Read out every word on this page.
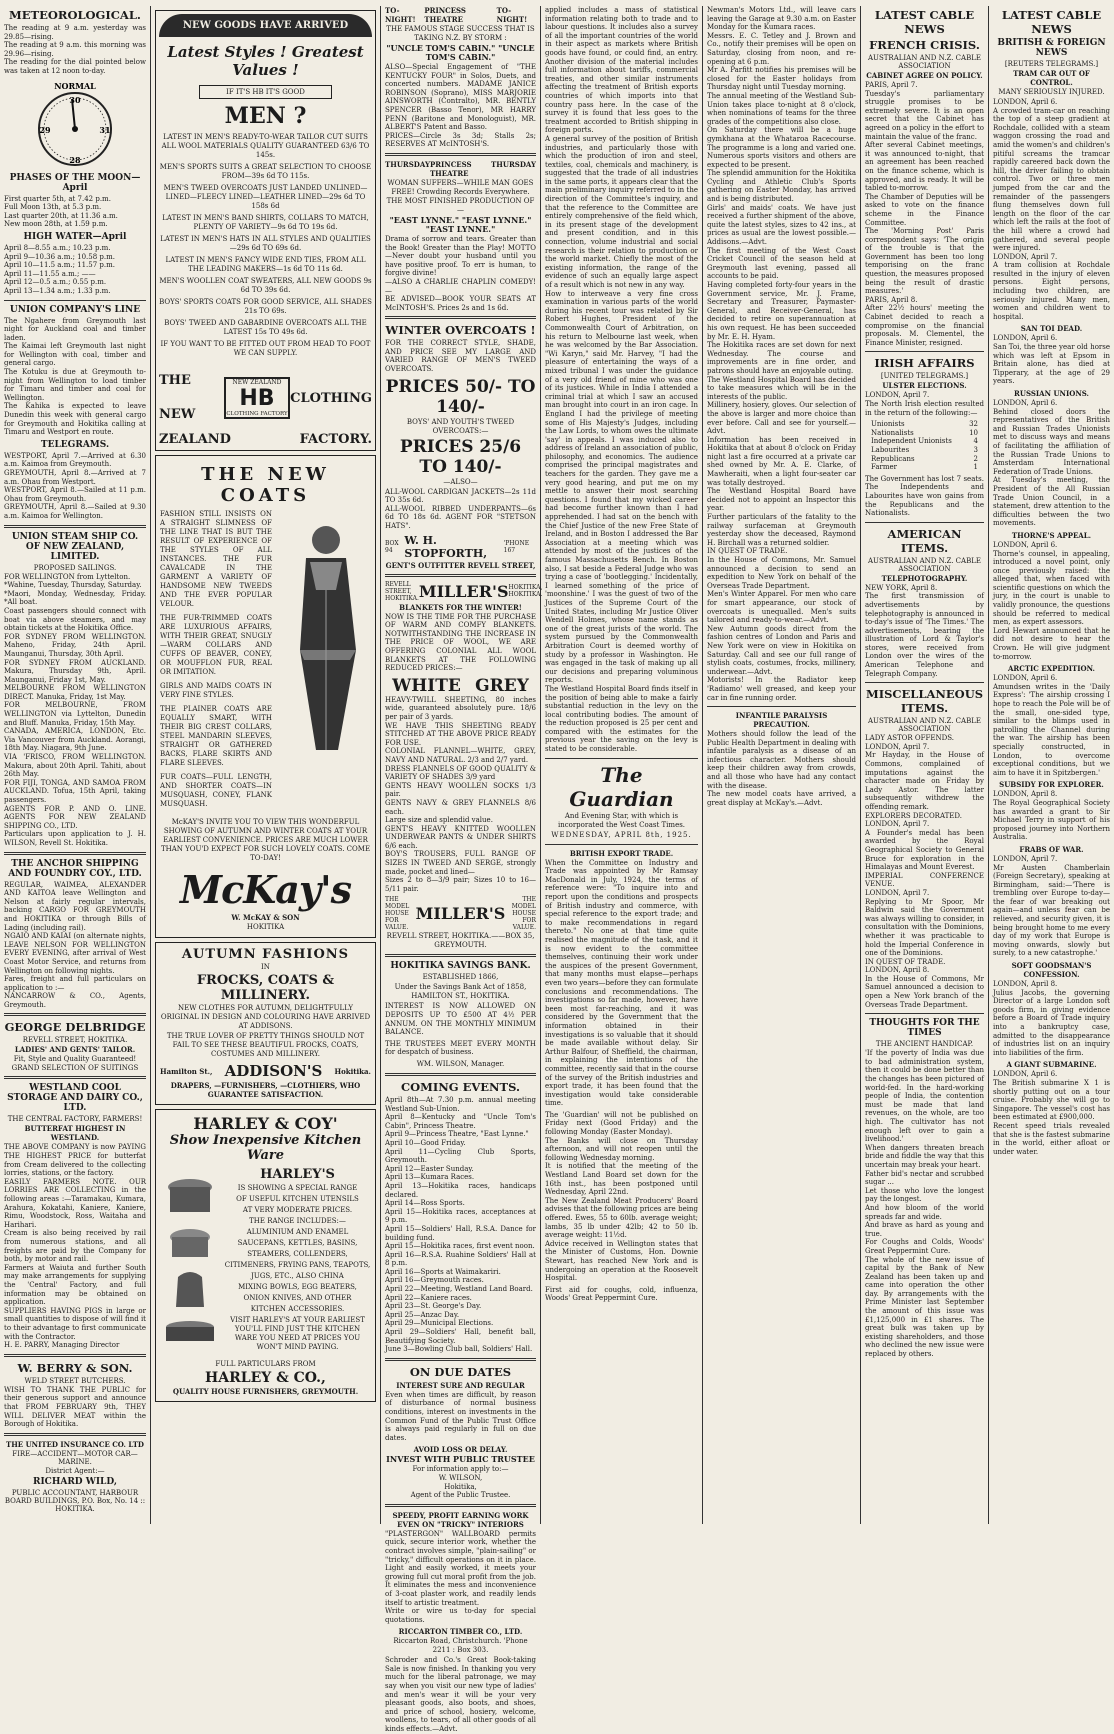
METEOROLOGICAL.

The reading at 9 a.m. yesterday was 29.85—rising.
The reading at 9 a.m. this morning was 29.96—rising.
The reading for the dial pointed below was taken at 12 noon to-day.

NORMAL
30
31
29
28
PHASES OF THE MOON—April

First quarter 5th, at 7.42 p.m.
Full Moon 13th, at 5.3 p.m.
Last quarter 20th, at 11.36 a.m.
New moon 28th, at 1.59 p.m.

HIGH WATER—April

April 8—8.55 a.m.; 10.23 p.m.
April 9—10.36 a.m.; 10.58 p.m.
April 10—11.5 a.m.; 11.57 p.m.
April 11—11.55 a.m.; ——
April 12—0.5 a.m.; 0.55 p.m.
April 13—1.34 a.m.; 1.33 p.m.

UNION COMPANY'S LINE

The Ngahere from Greymouth last night for Auckland coal and timber laden.
The Kaimai left Greymouth last night for Wellington with coal, timber and general cargo.
The Kotuku is due at Greymouth to-night from Wellington to load timber for Timaru and timber and coal for Wellington.
The Kahika is expected to leave Dunedin this week with general cargo for Greymouth and Hokitika calling at Timaru and Westport en route.

TELEGRAMS.

WESTPORT, April 7.—Arrived at 6.30 a.m. Kaimoa from Greymouth.
GREYMOUTH, April 8.—Arrived at 7 a.m. Ohau from Westport.
WESTPORT, April 8.—Sailed at 11 p.m. Ohau from Greymouth.
GREYMOUTH, April 8.—Sailed at 9.30 a.m. Kaimoa for Wellington.

UNION STEAM SHIP CO. OF NEW ZEALAND, LIMITED.
PROPOSED SAILINGS.

FOR WELLINGTON from Lyttelton.
*Wahine, Tuesday, Thursday, Saturday.
*Maori, Monday, Wednesday, Friday. *All boat.
Coast passengers should connect with boat via above steamers, and may obtain tickets at the Hokitika Office.
FOR SYDNEY FROM WELLINGTON. Maheno, Friday, 24th April. Maunganui, Thursday, 30th April.
FOR SYDNEY FROM AUCKLAND. Makura, Thursday 9th, April. Maunganui, Friday 1st, May.
MELBOURNE FROM WELLINGTON DIRECT. Manuka, Friday, 1st May.
FOR MELBOURNE, FROM WELLINGTON via Lyttelton, Dunedin and Bluff. Manuka, Friday, 15th May.
CANADA, AMERICA, LONDON, Etc. Via Vancouver from Auckland. Aorangi, 18th May. Niagara, 9th June.
VIA 'FRISCO, FROM WELLINGTON. Makura, about 20th April. Tahiti, about 26th May.
FOR FIJI, TONGA, AND SAMOA FROM AUCKLAND. Tofua, 15th April, taking passengers.
AGENTS FOR P. AND O. LINE. AGENTS FOR NEW ZEALAND SHIPPING CO., LTD.
Particulars upon application to J. H. WILSON, Revell St. Hokitika.

THE ANCHOR SHIPPING AND FOUNDRY COY., LTD.

REGULAR, WAIMEA, ALEXANDER AND KAITOA leave Wellington and Nelson at fairly regular intervals, backing CARGO FOR GREYMOUTH and HOKITIKA or through Bills of Lading (including rail).
NGAIO AND KAIAI (on alternate nights, LEAVE NELSON FOR WELLINGTON EVERY EVENING, after arrival of West Coast Motor Service, and returns from Wellington on following nights.
Fares, freight and full particulars on application to :—
NANCARROW & CO., Agents, Greymouth.

GEORGE DELBRIDGE
REVELL STREET, HOKITIKA.
LADIES' AND GENTS' TAILOR.
Fit, Style and Quality Guaranteed!
GRAND SELECTION OF SUITINGS
WESTLAND COOL STORAGE AND DAIRY CO., LTD.
THE CENTRAL FACTORY, FARMERS!
BUTTERFAT HIGHEST IN WESTLAND.

THE ABOVE COMPANY is now PAYING THE HIGHEST PRICE for butterfat from Cream delivered to the collecting lorries, stations, or the factory.
EASILY FARMERS NOTE. OUR LORRIES ARE COLLECTING in the following areas :—Taramakau, Kumara, Arahura, Kokatahi, Kaniere, Kaniere, Rimu, Woodstock, Ross, Waitaha and Harihari.
Cream is also being received by rail from numerous stations, and all freights are paid by the Company for both, by motor and rail.
Farmers at Waiuta and further South may make arrangements for supplying the 'Central' Factory, and full information may be obtained on application.
SUPPLIERS HAVING PIGS in large or small quantities to dispose of will find it to their advantage to first communicate with the Contractor.
H. E. PARRY, Managing Director

W. BERRY & SON.
WELD STREET BUTCHERS.

WISH TO THANK THE PUBLIC for their generous support and announce that FROM FEBRUARY 9th, THEY WILL DELIVER MEAT within the Borough of Hokitika.

THE UNITED INSURANCE CO. LTD
FIRE—ACCIDENT—MOTOR CAR—MARINE.
District Agent:—
RICHARD WILD,
PUBLIC ACCOUNTANT, HARBOUR BOARD BUILDINGS, P.O. Box, No. 14 :: HOKITIKA.
NEW GOODS HAVE ARRIVED
Latest Styles ! Greatest Values !
IF IT'S HB IT'S GOOD
MEN ?
LATEST IN MEN'S READY-TO-WEAR TAILOR CUT SUITS ALL WOOL MATERIALS QUALITY GUARANTEED 63/6 TO 145s.
MEN'S SPORTS SUITS A GREAT SELECTION TO CHOOSE FROM—39s 6d TO 115s.
MEN'S TWEED OVERCOATS JUST LANDED UNLINED—LINED—FLEECY LINED—LEATHER LINED—29s 6d TO 158s 6d
LATEST IN MEN'S BAND SHIRTS, COLLARS TO MATCH, PLENTY OF VARIETY—9s 6d TO 19s 6d.
LATEST IN MEN'S HATS IN ALL STYLES AND QUALITIES —29s 6d TO 69s 6d.
LATEST IN MEN'S FANCY WIDE END TIES, FROM ALL THE LEADING MAKERS—1s 6d TO 11s 6d.
MEN'S WOOLLEN COAT SWEATERS, ALL NEW GOODS 9s 6d TO 39s 6d.
BOYS' SPORTS COATS FOR GOOD SERVICE, ALL SHADES 21s TO 69s.
BOYS' TWEED AND GABARDINE OVERCOATS ALL THE LATEST 15s TO 49s 6d.
IF YOU WANT TO BE FITTED OUT FROM HEAD TO FOOT WE CAN SUPPLY.
THE NEW
NEW ZEALAND
HB
CLOTHING FACTORY
CLOTHING
ZEALAND	FACTORY.
THE NEW COATS

FASHION STILL INSISTS ON A STRAIGHT SLIMNESS OF THE LINE THAT IS BUT THE RESULT OF EXPERIENCE OF THE STYLES OF ALL INSTANCES. THE FUR CAVALCADE IN THE GARMENT A VARIETY OF HANDSOME NEW TWEEDS AND THE EVER POPULAR VELOUR.

THE FUR-TRIMMED COATS ARE LUXURIOUS AFFAIRS, WITH THEIR GREAT, SNUGLY—WARM COLLARS AND CUFFS OF BEAVER, CONEY, OR MOUFFLON FUR, REAL OR IMITATION.

GIRLS AND MAIDS COATS IN VERY FINE STYLES.

THE PLAINER COATS ARE EQUALLY SMART, WITH THEIR BIG CREST COLLARS, STEEL MANDARIN SLEEVES, STRAIGHT OR GATHERED BACKS, FLARE SKIRTS AND FLARE SLEEVES.

FUR COATS—FULL LENGTH, AND SHORTER COATS—IN MUSQUASH, CONEY, FLANK MUSQUASH.

McKAY'S INVITE YOU TO VIEW THIS WONDERFUL SHOWING OF AUTUMN AND WINTER COATS AT YOUR EARLIEST CONVENIENCE. PRICES ARE MUCH LOWER THAN YOU'D EXPECT FOR SUCH LOVELY COATS. COME TO-DAY!
McKay's
W. McKAY & SON
HOKITIKA
AUTUMN FASHIONS
IN
FROCKS, COATS & MILLINERY.
NEW CLOTHES FOR AUTUMN, DELIGHTFULLY ORIGINAL IN DESIGN AND COLOURING HAVE ARRIVED AT ADDISONS.
THE TRUE LOVER OF PRETTY THINGS SHOULD NOT FAIL TO SEE THESE BEAUTIFUL FROCKS, COATS, COSTUMES AND MILLINERY.
Hamilton St., ADDISON'S Hokitika.
DRAPERS, —FURNISHERS, —CLOTHIERS, WHO GUARANTEE SATISFACTION.
HARLEY & COY'
Show Inexpensive Kitchen Ware
HARLEY'S
IS SHOWING A SPECIAL RANGE
OF USEFUL KITCHEN UTENSILS
AT VERY MODERATE PRICES.
THE RANGE INCLUDES:—
ALUMINIUM AND ENAMEL
SAUCEPANS, KETTLES, BASINS,
STEAMERS, COLLENDERS,
CITIMENERS, FRYING PANS, TEAPOTS,
JUGS, ETC., ALSO CHINA
MIXING BOWLS, EGG BEATERS,
ONION KNIVES, AND OTHER
KITCHEN ACCESSORIES.
VISIT HARLEY'S AT YOUR EARLIEST YOU'LL FIND JUST THE KITCHEN WARE YOU NEED AT PRICES YOU WON'T MIND PAYING.
FULL PARTICULARS FROM
HARLEY & CO.,
QUALITY HOUSE FURNISHERS, GREYMOUTH.
TO-NIGHT!
PRINCESS THEATRE
TO-NIGHT!
THE FAMOUS STAGE SUCCESS THAT IS TAKING N.Z. BY STORM :
"UNCLE TOM'S CABIN." "UNCLE TOM'S CABIN."

ALSO—Special Engagement of "THE KENTUCKY FOUR" in Solos, Duets, and concerted numbers. MADAME JANICE ROBINSON (Soprano), MISS MARJORIE AINSWORTH (Contralto), MR. BENTLY SPENCER (Basso Tenor), MR HARRY PENN (Baritone and Monologuist), MR. ALBERT'S Patent and Basso.
PRICES—Circle 3s 3d; Stalls 2s; RESERVES AT McINTOSH'S.

THURSDAY PRINCESS THEATRE
THURSDAY
WOMAN SUFFERS—WHILE MAN GOES FREE! Crowding Records Everywhere. THE MOST FINISHED PRODUCTION OF—
"EAST LYNNE." "EAST LYNNE." "EAST LYNNE."

Drama of sorrow and tears. Greater than the Book! Greater than the Play! MOTTO—Never doubt your husband until you have positive proof. To err is human, to forgive divine!
—ALSO A CHARLIE CHAPLIN COMEDY!—
BE ADVISED—BOOK YOUR SEATS AT McINTOSH'S. Prices 2s and 1s 6d.

WINTER OVERCOATS !

FOR THE CORRECT STYLE, SHADE, AND PRICE SEE MY LARGE AND VARIED RANGE OF MEN'S TWEED OVERCOATS.

PRICES 50/- TO 140/-
BOYS' AND YOUTH'S TWEED OVERCOATS:—
PRICES 25/6 TO 140/-
—ALSO—

ALL-WOOL CARDIGAN JACKETS—2s 11d TO 35s 6d.
ALL-WOOL RIBBED UNDERPANTS—6s 6d TO 18s 6d. AGENT FOR "STETSON HATS".

BOX 94
W. H. STOPFORTH,
'PHONE 167
GENT'S OUTFITTER REVELL STREET,
REVELL STREET, HOKITIKA. MILLER'S HOKITIKA, HOKITIKA.
BLANKETS FOR THE WINTER!

NOW IS THE TIME FOR THE PURCHASE OF WARM AND COMFY BLANKETS. NOTWITHSTANDING THE INCREASE IN THE PRICE OF WOOL, WE ARE OFFERING COLONIAL ALL WOOL BLANKETS AT THE FOLLOWING REDUCED PRICES:—

WHITE GREY

HEAVY-TWILL SHEETING, 80 inches wide, guaranteed absolutely pure. 18/6 per pair of 3 yards.
WE HAVE THIS SHEETING READY STITCHED AT THE ABOVE PRICE READY FOR USE.
COLONIAL FLANNEL—WHITE, GREY, NAVY AND NATURAL. 2/3 and 2/7 yard.
DRESS FLANNELS OF GOOD QUALITY & VARIETY OF SHADES 3/9 yard
GENTS HEAVY WOOLLEN SOCKS 1/3 pair.
GENTS NAVY & GREY FLANNELS 8/6 each.
Large size and splendid value.
GENT'S HEAVY KNITTED WOOLLEN UNDERWEAR PANTS & UNDER SHIRTS 6/6 each.
BOY'S TROUSERS, FULL RANGE OF SIZES IN TWEED AND SERGE, strongly made, pocket and lined—
Sizes 2 to 8—3/9 pair; Sizes 10 to 16—5/11 pair.

THE MODEL HOUSE FOR VALUE.
MILLER'S
THE MODEL HOUSE FOR VALUE.
REVELL STREET, HOKITIKA.——BOX 35, GREYMOUTH.
HOKITIKA SAVINGS BANK.
ESTABLISHED 1866,
Under the Savings Bank Act of 1858, HAMILTON ST., HOKITIKA.

INTEREST IS NOW ALLOWED ON DEPOSITS UP TO £500 AT 4½ PER ANNUM. ON THE MONTHLY MINIMUM BALANCE.

THE TRUSTEES MEET EVERY MONTH for despatch of business.

WM. WILSON, Manager.
COMING EVENTS.

April 8th—At 7.30 p.m. annual meeting Westland Sub-Union.
April 8—Kentucky and "Uncle Tom's Cabin", Princess Theatre.
April 9—Princess Theatre, "East Lynne."
April 10—Good Friday.
April 11—Cycling Club Sports, Greymouth.
April 12—Easter Sunday.
April 13—Kumara Races.
April 13—Hokitika races, handicaps declared.
April 14—Ross Sports.
April 15—Hokitika races, acceptances at 9 p.m.
April 15—Soldiers' Hall, R.S.A. Dance for building fund.
April 15—Hokitika races, first event noon.
April 16—R.S.A. Ruahine Soldiers' Hall at 8 p.m.
April 16—Sports at Waimakariri.
April 16—Greymouth races.
April 22—Meeting, Westland Land Board.
April 22—Kaniere races.
April 23—St. George's Day.
April 25—Anzac Day.
April 29—Municipal Elections.
April 29—Soldiers' Hall, benefit ball, Beautifying Society.
June 3—Bowling Club ball, Soldiers' Hall.

ON DUE DATES
INTEREST SURE AND REGULAR

Even when times are difficult, by reason of disturbance of normal business conditions, interest on investments in the Common Fund of the Public Trust Office is always paid regularly in full on due dates.

AVOID LOSS OR DELAY.
INVEST WITH PUBLIC TRUSTEE

For information apply to:—
W. WILSON,
Hokitika,
Agent of the Public Trustee.

SPEEDY, PROFIT EARNING WORK EVEN ON "TRICKY" INTERIORS

"PLASTERGON" WALLBOARD permits quick, secure interior work, whether the contract involves simple, "plain-sailing" or "tricky," difficult operations on it in place. Light and easily worked, it meets your growing full cut moral profit from the job. It eliminates the mess and inconvenience of 3-coat plaster work, and readily lends itself to artistic treatment.
Write or wire us to-day for special quotations.

RICCARTON TIMBER CO., LTD.
Riccarton Road, Christchurch. 'Phone 2211 : Box 303.

Schroder and Co.'s Great Book-taking Sale is now finished. In thanking you very much for the liberal patronage, we may say when you visit our new type of ladies' and men's wear it will be your very pleasant goods, also boots, and shoes, and price of school, hosiery, welcome, woollens, to tears, of all other goods of all kinds effects.—Advt.

applied includes a mass of statistical information relating both to trade and to labour questions. It includes also a survey of all the important countries of the world in their aspect as markets where British goods have found, or could find, an entry. Another division of the material includes full information about tariffs, commercial treaties, and other similar instruments affecting the treatment of British exports countries of which imports into that country pass here. In the case of the survey it is found that less goes to the treatment accorded to British shipping in foreign ports.
A general survey of the position of British industries, and particularly those with which the production of iron and steel, textiles, coal, chemicals and machinery, is suggested that the trade of all industries in the same ports, it appears clear that the main preliminary inquiry referred to in the direction of the Committee's inquiry, and that the reference to the Committee are entirely comprehensive of the field which, in its present stage of the development and present condition, and in this connection, volume industrial and social research is their relation to production or the world market. Chiefly the most of the existing information, the range of the evidence of such an equally large aspect of a result which is not new in any way.
How to interweave a very fine cross examination in various parts of the world during his recent tour was related by Sir Robert Hughes, President of the Commonwealth Court of Arbitration, on his return to Melbourne last week, when he was welcomed by the Bar Association. "Wi Karyn," said Mr. Harvey, "I had the pleasure of entertaining the ways of a mixed tribunal I was under the guidance of a very old friend of mine who was one of its justices. While in India I attended a criminal trial at which I saw an accused man brought into court in an iron cage. In England I had the privilege of meeting some of His Majesty's Judges, including the Law Lords, to whom owes the ultimate 'say' in appeals. I was induced also to address of Ireland an association of public, philosophy, and economics. The audience comprised the principal magistrates and teachers for the garden. They gave me a very good hearing, and put me on my mettle to answer their most searching questions. I found that my wicked career had become further known than I had apprehended. I had sat on the bench with the Chief Justice of the new Free State of Ireland, and in Boston I addressed the Bar Association at a meeting which was attended by most of the justices of the famous Massachusetts Bench. In Boston also, I sat beside a Federal Judge who was trying a case of 'bootlegging.' Incidentally, I learned something of the price of 'moonshine.' I was the guest of two of the Justices of the Supreme Court of the United States, including Mr Justice Oliver Wendell Holmes, whose name stands as one of the great jurists of the world. The system pursued by the Commonwealth Arbitration Court is deemed worthy of study by a professor in Washington. He was engaged in the task of making up all our decisions and preparing voluminous reports.
The Westland Hospital Board finds itself in the position of being able to make a fairly substantial reduction in the levy on the local contributing bodies. The amount of the reduction proposed is 25 per cent and compared with the estimates for the previous year the saving on the levy is stated to be considerable.

The Guardian
And Evening Star, with which is incorporated the West Coast Times.
WEDNESDAY, APRIL 8th, 1925.
BRITISH EXPORT TRADE.

When the Committee on Industry and Trade was appointed by Mr Ramsay MacDonald in July, 1924, the terms of reference were: "To inquire into and report upon the conditions and prospects of British industry and commerce, with special reference to the export trade; and to make recommendations in regard thereto." No one at that time quite realised the magnitude of the task, and it is now evident to the committee themselves, continuing their work under the auspices of the present Government, that many months must elapse—perhaps even two years—before they can formulate conclusions and recommendations. The investigations so far made, however, have been most far-reaching, and it was considered by the Government that the information obtained in their investigations is so valuable that it should be made available without delay. Sir Arthur Balfour, of Sheffield, the chairman, in explaining the intentions of the committee, recently said that in the course of the survey of the British industries and export trade, it has been found that the investigation would take considerable time.

The 'Guardian' will not be published on Friday next (Good Friday) and the following Monday (Easter Monday).
The Banks will close on Thursday afternoon, and will not reopen until the following Wednesday morning.
It is notified that the meeting of the Westland Land Board set down for the 16th inst., has been postponed until Wednesday, April 22nd.
The New Zealand Meat Producers' Board advises that the following prices are being offered. Ewes, 55 to 60lb. average weight; lambs, 35 lb under 42lb; 42 to 50 lb. average weight: 11½d.
Advice received in Wellington states that the Minister of Customs, Hon. Downie Stewart, has reached New York and is undergoing an operation at the Roosevelt Hospital.

First aid for coughs, cold, influenza, Woods' Great Peppermint Cure.

Newman's Motors Ltd., will leave cars leaving the Garage at 9.30 a.m. on Easter Monday for the Kumara races.
Messrs. E. C. Tetley and J. Brown and Co., notify their premises will be open on Saturday, closing from noon, and re-opening at 6 p.m.
Mr A. Parfitt notifies his premises will be closed for the Easter holidays from Thursday night until Tuesday morning.
The annual meeting of the Westland Sub-Union takes place to-night at 8 o'clock, when nominations of teams for the three grades of the competitions also close.
On Saturday there will be a huge gymkhana at the Whataroa Racecourse. The programme is a long and varied one. Numerous sports visitors and others are expected to be present.
The splendid ammunition for the Hokitika Cycling and Athletic Club's Sports gathering on Easter Monday, has arrived and is being distributed.
Girls' and maids' coats. We have just received a further shipment of the above, quite the latest styles, sizes to 42 ins., at prices as usual are the lowest possible.—Addisons.—Advt.
The first meeting of the West Coast Cricket Council of the season held at Greymouth last evening, passed all accounts to be paid.
Having completed forty-four years in the Government service, Mr. J. Frame, Secretary and Treasurer, Paymaster-General, and Receiver-General, has decided to retire on superannuation at his own request. He has been succeeded by Mr. E. H. Hyam.
The Hokitika races are set down for next Wednesday. The course and improvements are in fine order, and patrons should have an enjoyable outing.
The Westland Hospital Board has decided to take measures which will be in the interests of the public.
Millinery, hosiery, gloves. Our selection of the above is larger and more choice than ever before. Call and see for yourself.—Advt.
Information has been received in Hokitika that at about 8 o'clock on Friday night last a fire occurred at a private car shed owned by Mr. A. E. Clarke, of Mawheraiti, when a light four-seater car was totally destroyed.
The Westland Hospital Board have decided not to appoint an Inspector this year.
Further particulars of the fatality to the railway surfaceman at Greymouth yesterday show the deceased, Raymond H. Birchall was a returned soldier.
IN QUEST OF TRADE.
In the House of Commons, Mr. Samuel announced a decision to send an expedition to New York on behalf of the Overseas Trade Department.
Men's Winter Apparel. For men who care for smart appearance, our stock of overcoats is unequalled. Men's suits tailored and ready-to-wear.—Advt.
New Autumn goods direct from the fashion centres of London and Paris and New York were on view in Hokitika on Saturday. Call and see our full range of stylish coats, costumes, frocks, millinery, underwear.—Advt.
Motorists! In the Radiator keep 'Radiamo' well greased, and keep your car in fine running order.

INFANTILE PARALYSIS PRECAUTION.

Mothers should follow the lead of the Public Health Department in dealing with infantile paralysis as a disease of an infectious character. Mothers should keep their children away from crowds, and all those who have had any contact with the disease.
The new model coats have arrived, a great display at McKay's.—Advt.

LATEST CABLE NEWS
FRENCH CRISIS.
AUSTRALIAN AND N.Z. CABLE ASSOCIATION
CABINET AGREE ON POLICY.

PARIS, April 7.
Tuesday's parliamentary struggle promises to be extremely severe. It is an open secret that the Cabinet has agreed on a policy in the effort to maintain the value of the franc.
After several Cabinet meetings, it was announced to-night, that an agreement has been reached on the finance scheme, which is approved, and is ready. It will be tabled to-morrow.
The Chamber of Deputies will be asked to vote on the finance scheme in the Finance Committee.
The 'Morning Post' Paris correspondent says: 'The origin of the trouble is that the Government has been too long temporising on the franc question, the measures proposed being the result of drastic measures.'
PARIS, April 8.
After 22½ hours' meeting the Cabinet decided to reach a compromise on the financial proposals. M. Clementel, the Finance Minister, resigned.

IRISH AFFAIRS
[UNITED TELEGRAMS.]
ULSTER ELECTIONS.

LONDON, April 7.
The North Irish election resulted in the return of the following:—

Unionists	32
Nationalists	10
Independent Unionists	4
Labourites	3
Republicans	2
Farmer	1

The Government has lost 7 seats. The Independents and Labourites have won gains from the Republicans and the Nationalists.

AMERICAN ITEMS.
AUSTRALIAN AND N.Z. CABLE ASSOCIATION
TELEPHOTOGRAPHY.

NEW YORK, April 8.
The first transmission of advertisements by telephotography is announced in to-day's issue of 'The Times.' The advertisements, bearing the illustration of Lord & Taylor's stores, were received from London over the wires of the American Telephone and Telegraph Company.

MISCELLANEOUS ITEMS.
AUSTRALIAN AND N.Z. CABLE ASSOCIATION

LADY ASTOR OFFENDS.
LONDON, April 7.
Mr Hayday, in the House of Commons, complained of imputations against the character made on Friday by Lady Astor. The latter subsequently withdrew the offending remark.
EXPLORERS DECORATED.
LONDON, April 7.
A Founder's medal has been awarded by the Royal Geographical Society to General Bruce for exploration in the Himalayas and Mount Everest.
IMPERIAL CONFERENCE VENUE.
LONDON, April 7.
Replying to Mr Spoor, Mr Baldwin said the Government was always willing to consider, in consultation with the Dominions, whether it was practicable to hold the Imperial Conference in one of the Dominions.
IN QUEST OF TRADE.
LONDON, April 8.
In the House of Commons, Mr Samuel announced a decision to open a New York branch of the Overseas Trade Department.

THOUGHTS FOR THE TIMES
THE ANCIENT HANDICAP.

'If the poverty of India was due to bad administration system, then it could be done better than the changes has been pictured of world-fed. In the hard-working people of India, the contention must be made that land revenues, on the whole, are too high. The cultivator has not enough left over to gain a livelihood.'
When dangers threaten breach bride and fiddle the way that this uncertain may break your heart.
Father bid's nectar and scrubbed sugar ...
Let those who love the longest pay the longest.
And how bloom of the world spreads far and wide.
And brave as hard as young and true.
For Coughs and Colds, Woods' Great Peppermint Cure.
The whole of the new issue of capital by the Bank of New Zealand has been taken up and came into operation the other day. By arrangements with the Prime Minister last September the amount of this issue was £1,125,000 in £1 shares. The great bulk was taken up by existing shareholders, and those who declined the new issue were replaced by others.

LATEST CABLE NEWS
BRITISH & FOREIGN NEWS
[REUTERS TELEGRAMS.]
TRAM CAR OUT OF CONTROL.
MANY SERIOUSLY INJURED.

LONDON, April 6.
A crowded tram-car on reaching the top of a steep gradient at Rochdale, collided with a steam waggon crossing the road and amid the women's and children's pitiful screams the tramcar rapidly careered back down the hill, the driver failing to obtain control. Two or three men jumped from the car and the remainder of the passengers flung themselves down full length on the floor of the car which left the rails at the foot of the hill where a crowd had gathered, and several people were injured.
LONDON, April 7.
A tram collision at Rochdale resulted in the injury of eleven persons. Eight persons, including two children, are seriously injured. Many men, women and children went to hospital.

SAN TOI DEAD.

LONDON, April 6.
San Toi, the three year old horse which was left at Epsom in Britain alone, has died at Tipperary, at the age of 29 years.

RUSSIAN UNIONS.

LONDON, April 6.
Behind closed doors the representatives of the British and Russian Trades Unionists met to discuss ways and means of facilitating the affiliation of the Russian Trade Unions to Amsterdam International Federation of Trade Unions.
At Tuesday's meeting, the President of the All Russian Trade Union Council, in a statement, drew attention to the difficulties between the two movements.

THORNE'S APPEAL.

LONDON, April 6.
Thorne's counsel, in appealing, introduced a novel point, only once previously raised: the alleged that, when faced with scientific questions on which the jury, in the court is unable to validly pronounce, the questions should be referred to medical men, as expert assessors.
Lord Hewart announced that he did not desire to hear the Crown. He will give judgment to-morrow.

ARCTIC EXPEDITION.

LONDON, April 6.
Amundsen writes in the 'Daily Express': 'The airship crossing I hope to reach the Pole will be of the small, one-sided type, similar to the blimps used in patrolling the Channel during the war. The airship has been specially constructed, in London, to overcome exceptional conditions, but we aim to have it in Spitzbergen.'

SUBSIDY FOR EXPLORER.

LONDON, April 8.
The Royal Geographical Society has awarded a grant to Sir Michael Terry in support of his proposed journey into Northern Australia.

FRABS OF WAR.

LONDON, April 7.
Mr Austen Chamberlain (Foreign Secretary), speaking at Birmingham, said:—'There is trembling over Europe to-day—the fear of war breaking out again—and unless fear can be relieved, and security given, it is being brought home to me every day of my work that Europe is moving onwards, slowly but surely, to a new catastrophe.'

SOFT GOODSMAN'S CONFESSION.

LONDON, April 8.
Julius Jacobs, the governing Director of a large London soft goods firm, in giving evidence before a Board of Trade inquiry into a bankruptcy case, admitted to the disappearance of industries list on an inquiry into liabilities of the firm.

A GIANT SUBMARINE.

LONDON, April 6.
The British submarine X 1 is shortly putting out on a tour cruise. Probably she will go to Singapore. The vessel's cost has been estimated at £900,000.
Recent speed trials revealed that she is the fastest submarine in the world, either afloat or under water.
